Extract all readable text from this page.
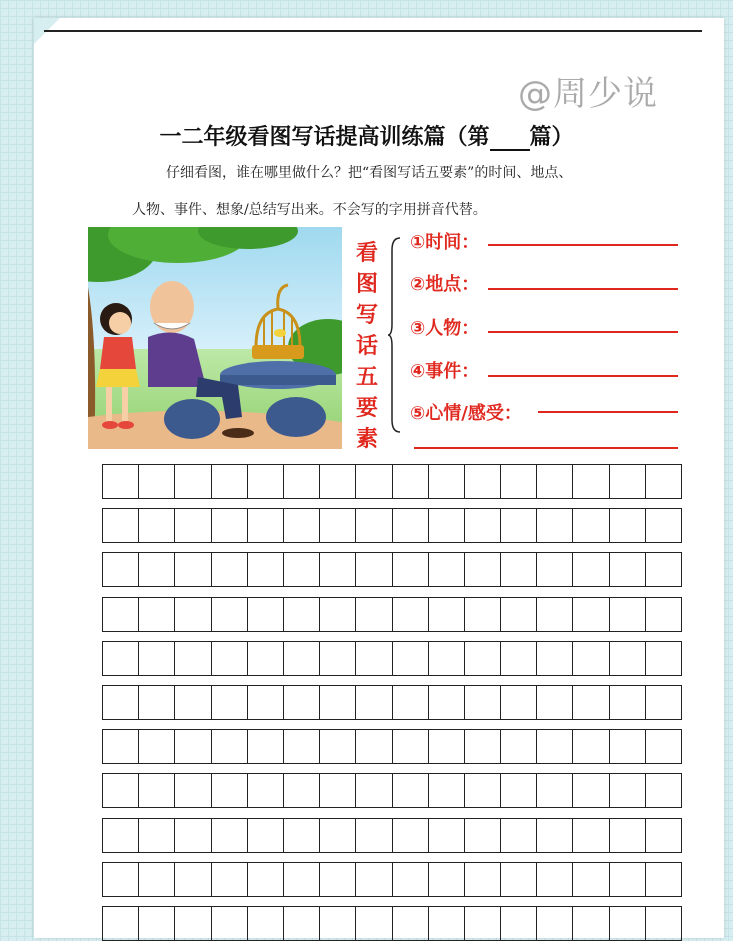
@周少说
一二年级看图写话提高训练篇（第 篇）
仔细看图，谁在哪里做什么？把“看图写话五要素”的时间、地点、
人物、事件、想象/总结写出来。不会写的字用拼音代替。
看
图
写
话
五
要
素
①时间：
②地点：
③人物：
④事件：
⑤心情/感受：
